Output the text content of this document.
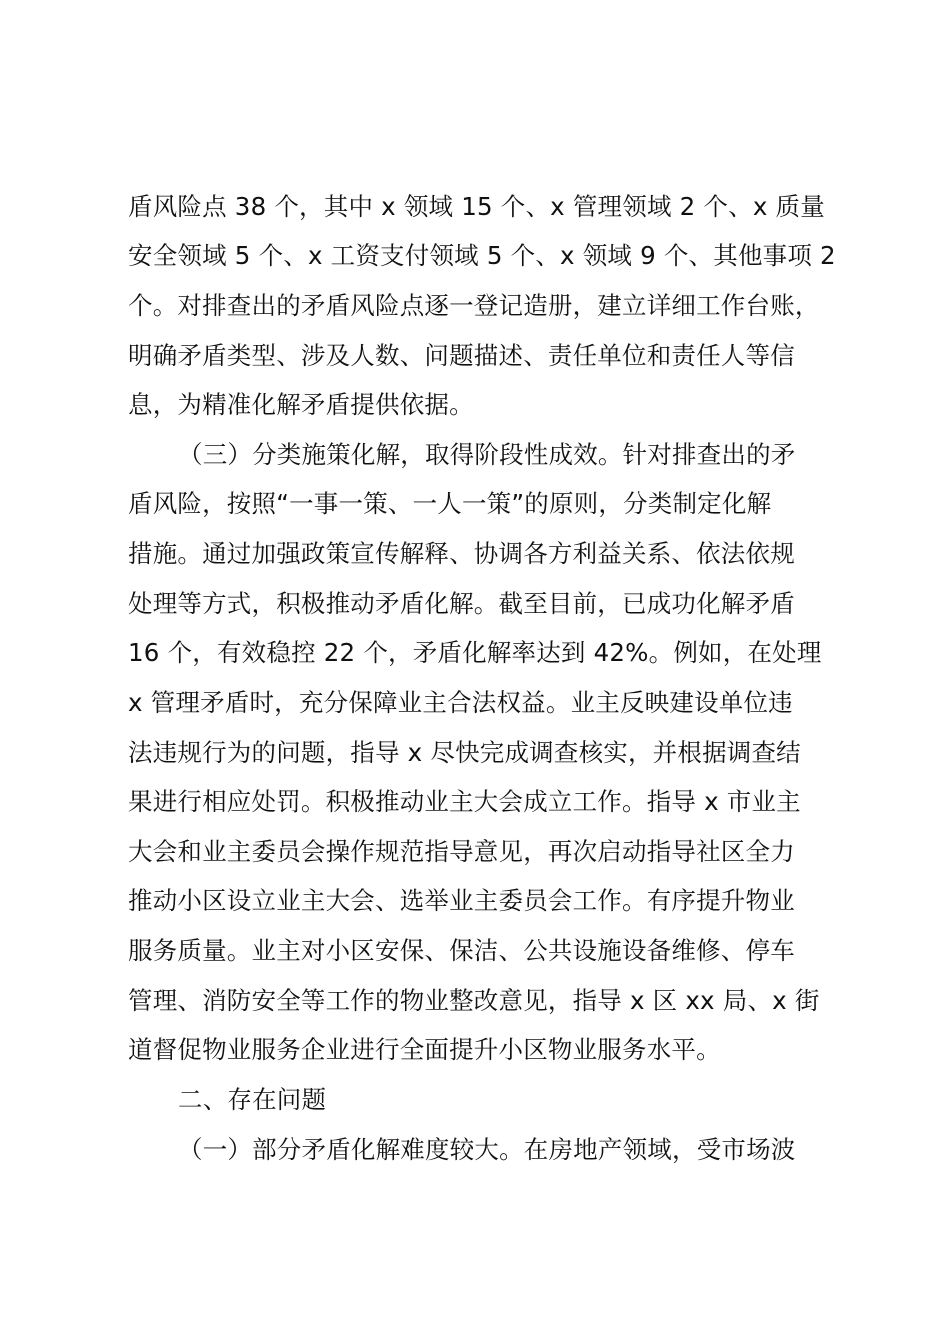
盾风险点 38 个，其中 x 领域 15 个、x 管理领域 2 个、x 质量
安全领域 5 个、x 工资支付领域 5 个、x 领域 9 个、其他事项 2
个。对排查出的矛盾风险点逐一登记造册，建立详细工作台账，
明确矛盾类型、涉及人数、问题描述、责任单位和责任人等信
息，为精准化解矛盾提供依据。
（三）分类施策化解，取得阶段性成效。针对排查出的矛
盾风险，按照“一事一策、一人一策”的原则，分类制定化解
措施。通过加强政策宣传解释、协调各方利益关系、依法依规
处理等方式，积极推动矛盾化解。截至目前，已成功化解矛盾
16 个，有效稳控 22 个，矛盾化解率达到 42%。例如，在处理
x 管理矛盾时，充分保障业主合法权益。业主反映建设单位违
法违规行为的问题，指导 x 尽快完成调查核实，并根据调查结
果进行相应处罚。积极推动业主大会成立工作。指导 x 市业主
大会和业主委员会操作规范指导意见，再次启动指导社区全力
推动小区设立业主大会、选举业主委员会工作。有序提升物业
服务质量。业主对小区安保、保洁、公共设施设备维修、停车
管理、消防安全等工作的物业整改意见，指导 x 区 xx 局、x 街
道督促物业服务企业进行全面提升小区物业服务水平。
二、存在问题
（一）部分矛盾化解难度较大。在房地产领域，受市场波
